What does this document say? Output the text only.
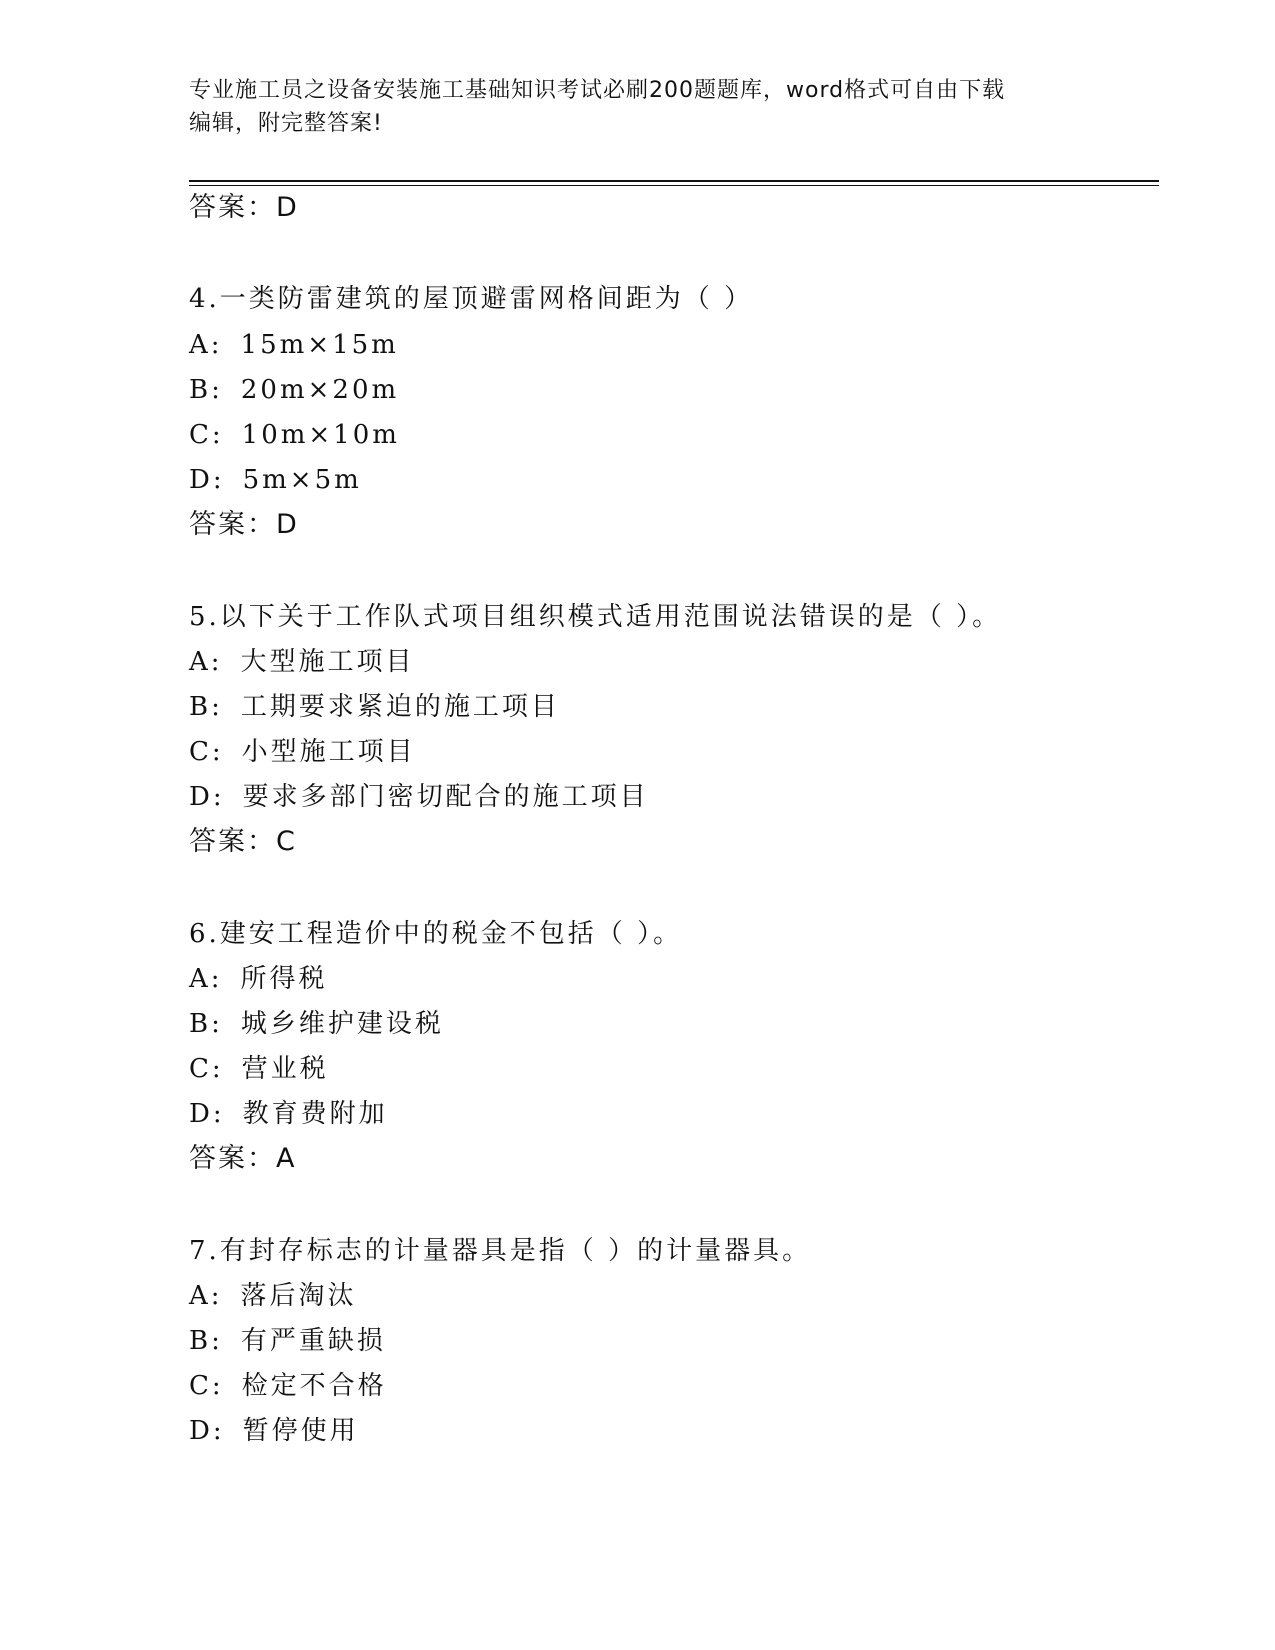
专业施工员之设备安装施工基础知识考试必刷200题题库，word格式可自由下载
编辑，附完整答案!
答案：D
4.一类防雷建筑的屋顶避雷网格间距为（ ）
A: 15m×15m
B: 20m×20m
C: 10m×10m
D: 5m×5m
答案：D
5.以下关于工作队式项目组织模式适用范围说法错误的是（ ）。
A: 大型施工项目
B: 工期要求紧迫的施工项目
C: 小型施工项目
D: 要求多部门密切配合的施工项目
答案：C
6.建安工程造价中的税金不包括（ ）。
A: 所得税
B: 城乡维护建设税
C: 营业税
D: 教育费附加
答案：A
7.有封存标志的计量器具是指（ ）的计量器具。
A: 落后淘汰
B: 有严重缺损
C: 检定不合格
D: 暂停使用
